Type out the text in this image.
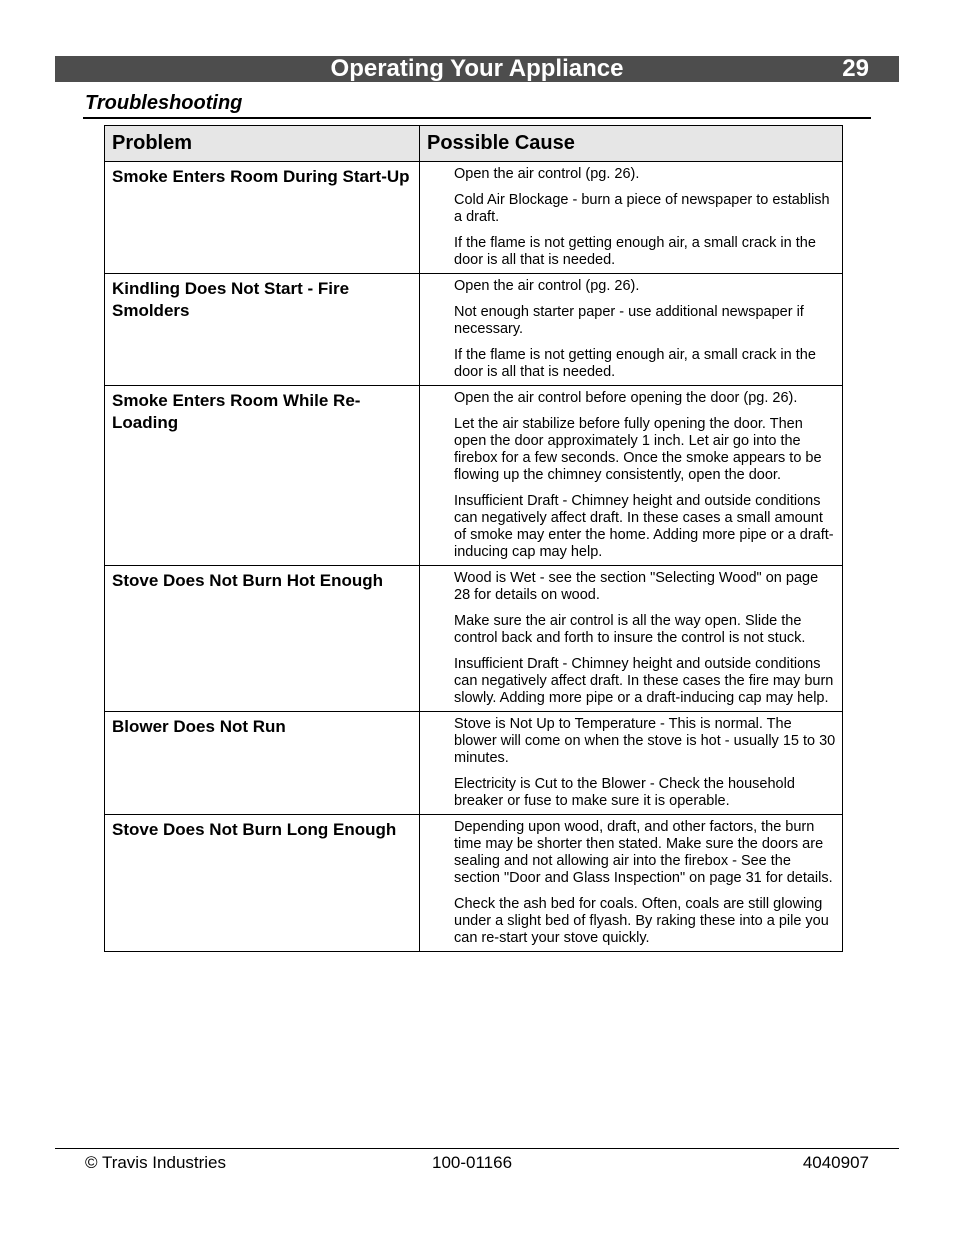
Operating Your Appliance	29
Troubleshooting
Problem	Possible Cause
Smoke Enters Room During Start-Up	Open the air control (pg. 26).
Cold Air Blockage - burn a piece of newspaper to establish a draft.
If the flame is not getting enough air, a small crack in the door is all that is needed.

Kindling Does Not Start - Fire Smolders	Open the air control (pg. 26).
Not enough starter paper - use additional newspaper if necessary.
If the flame is not getting enough air, a small crack in the door is all that is needed.

Smoke Enters Room While Re-Loading	Open the air control before opening the door (pg. 26).
Let the air stabilize before fully opening the door. Then open the door approximately 1 inch. Let air go into the firebox for a few seconds. Once the smoke appears to be flowing up the chimney consistently, open the door.
Insufficient Draft - Chimney height and outside conditions can negatively affect draft. In these cases a small amount of smoke may enter the home. Adding more pipe or a draft-inducing cap may help.

Stove Does Not Burn Hot Enough	Wood is Wet - see the section "Selecting Wood" on page 28 for details on wood.
Make sure the air control is all the way open. Slide the control back and forth to insure the control is not stuck.
Insufficient Draft - Chimney height and outside conditions can negatively affect draft. In these cases the fire may burn slowly. Adding more pipe or a draft-inducing cap may help.

Blower Does Not Run	Stove is Not Up to Temperature - This is normal. The blower will come on when the stove is hot - usually 15 to 30 minutes.
Electricity is Cut to the Blower - Check the household breaker or fuse to make sure it is operable.

Stove Does Not Burn Long Enough	Depending upon wood, draft, and other factors, the burn time may be shorter then stated. Make sure the doors are sealing and not allowing air into the firebox - See the section "Door and Glass Inspection" on page 31 for details.
Check the ash bed for coals. Often, coals are still glowing under a slight bed of flyash. By raking these into a pile you can re-start your stove quickly.
© Travis Industries	100-01166	4040907
